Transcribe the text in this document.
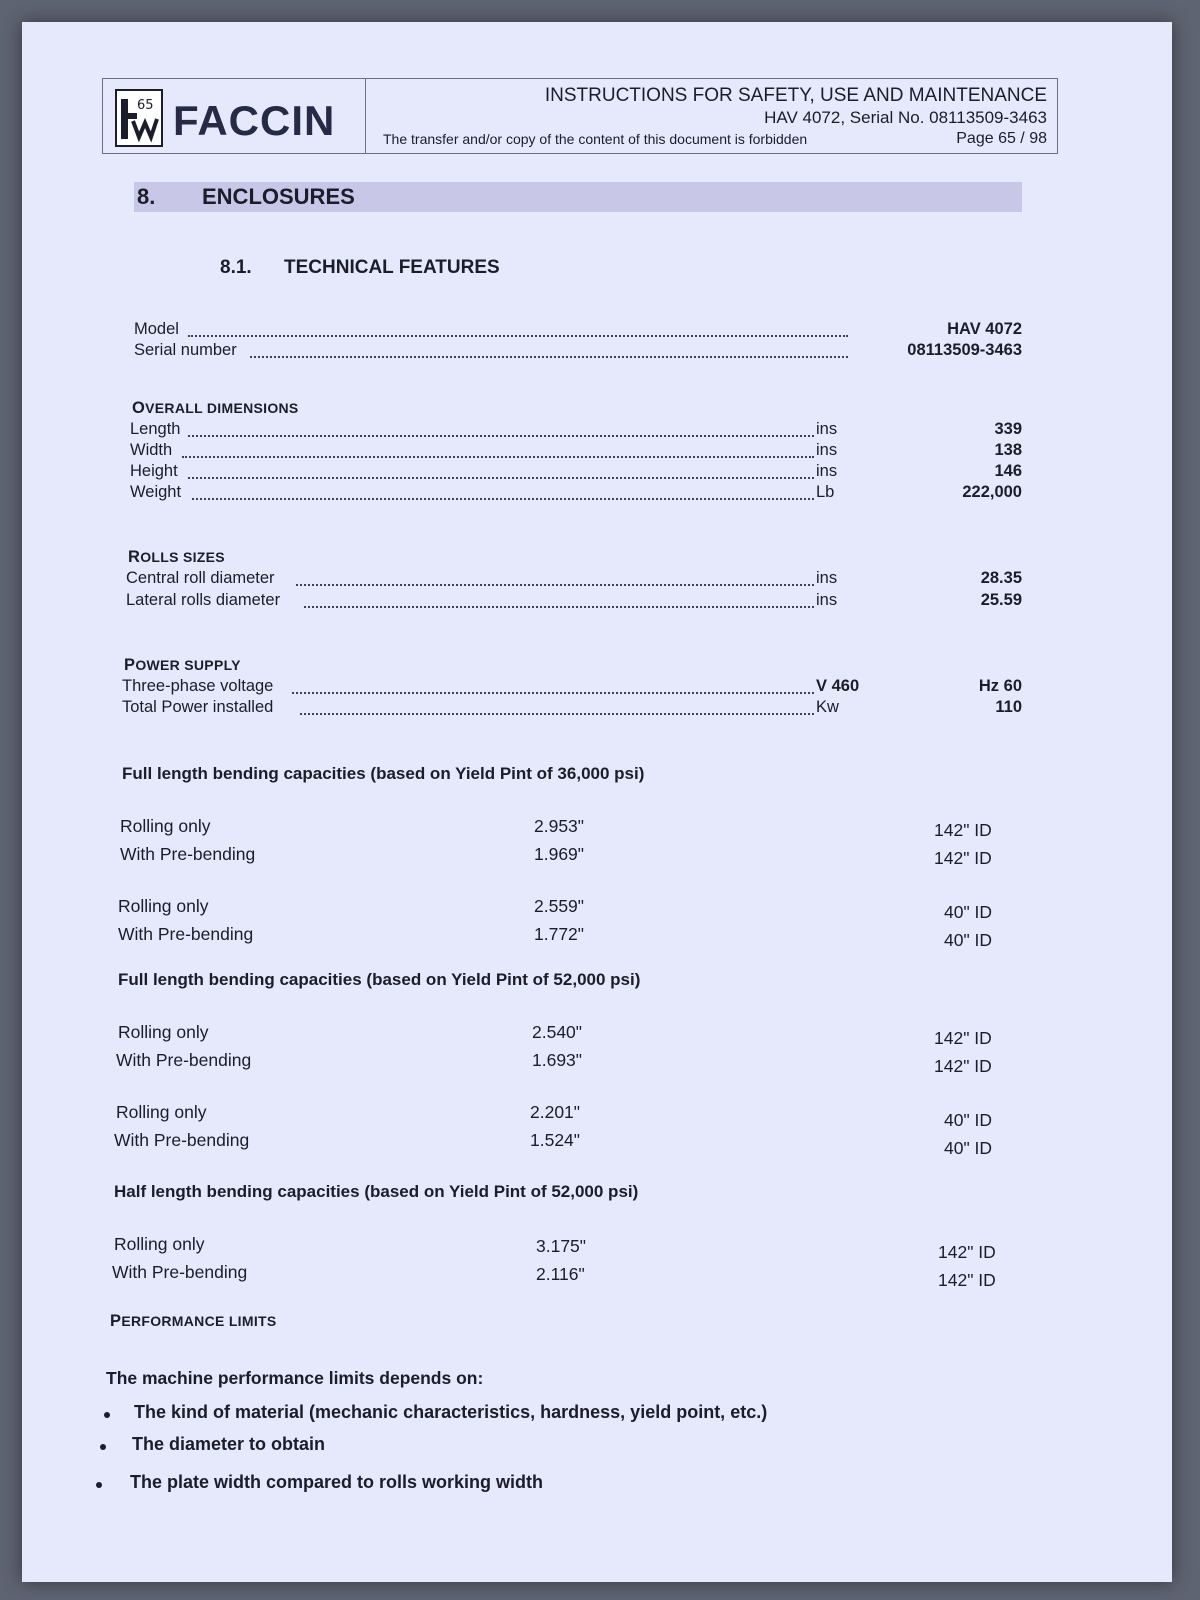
65 FACCIN
INSTRUCTIONS FOR SAFETY, USE AND MAINTENANCE
HAV 4072, Serial No. 08113509-3463
The transfer and/or copy of the content of this document is forbidden	Page 65 / 98
8. ENCLOSURES
8.1. TECHNICAL FEATURES
Model	HAV 4072
Serial number	08113509-3463
OVERALL DIMENSIONS
Length	ins	339
Width	ins	138
Height	ins	146
Weight	Lb	222,000
ROLLS SIZES
Central roll diameter	ins	28.35
Lateral rolls diameter	ins	25.59
POWER SUPPLY
Three-phase voltage	V 460	Hz 60
Total Power installed	Kw	110
Full length bending capacities (based on Yield Pint of 36,000 psi)
Rolling only	2.953"	142" ID
With Pre-bending	1.969"	142" ID
Rolling only	2.559"	40" ID
With Pre-bending	1.772"	40" ID
Full length bending capacities (based on Yield Pint of 52,000 psi)
Rolling only	2.540"	142" ID
With Pre-bending	1.693"	142" ID
Rolling only	2.201"	40" ID
With Pre-bending	1.524"	40" ID
Half length bending capacities (based on Yield Pint of 52,000 psi)
Rolling only	3.175"	142" ID
With Pre-bending	2.116"	142" ID
PERFORMANCE LIMITS
The machine performance limits depends on:
The kind of material (mechanic characteristics, hardness, yield point, etc.)
The diameter to obtain
The plate width compared to rolls working width
